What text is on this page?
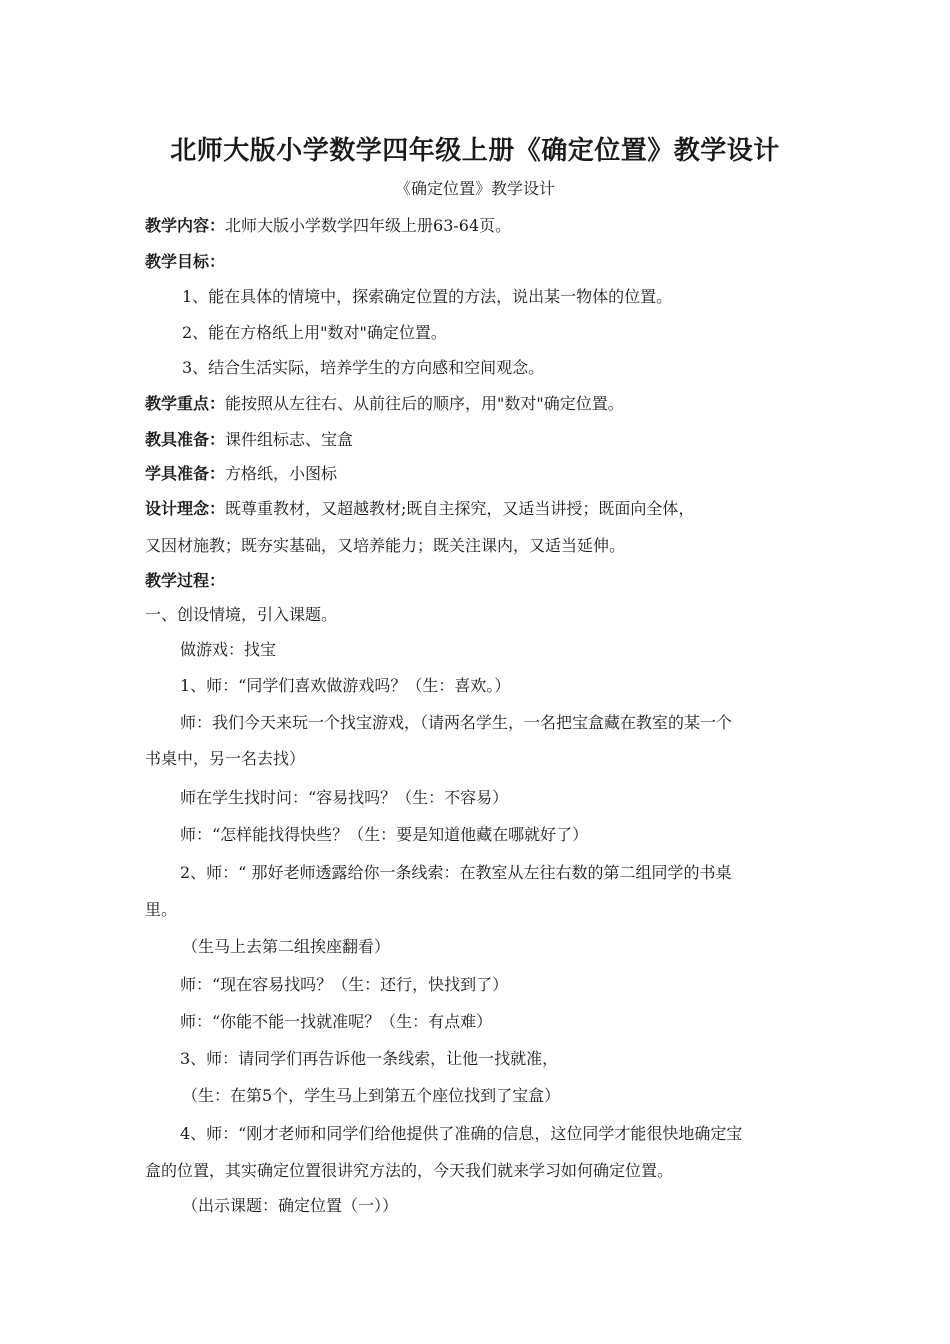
北师大版小学数学四年级上册《确定位置》教学设计
《确定位置》教学设计
教学内容：北师大版小学数学四年级上册63-64页。
教学目标：
1、能在具体的情境中，探索确定位置的方法，说出某一物体的位置。
2、能在方格纸上用"数对"确定位置。
3、结合生活实际，培养学生的方向感和空间观念。
教学重点：能按照从左往右、从前往后的顺序，用"数对"确定位置。
教具准备：课件组标志、宝盒
学具准备：方格纸，小图标
设计理念：既尊重教材，又超越教材;既自主探究，又适当讲授；既面向全体，
又因材施教；既夯实基础，又培养能力；既关注课内，又适当延伸。
教学过程：
一、创设情境，引入课题。
做游戏：找宝
1、师：“同学们喜欢做游戏吗？（生：喜欢。）
师：我们今天来玩一个找宝游戏，（请两名学生，一名把宝盒藏在教室的某一个
书桌中，另一名去找）
师在学生找时问：“容易找吗？（生：不容易）
师：“怎样能找得快些？（生：要是知道他藏在哪就好了）
2、师：“ 那好老师透露给你一条线索：在教室从左往右数的第二组同学的书桌
里。
（生马上去第二组挨座翻看）
师：“现在容易找吗？（生：还行，快找到了）
师：“你能不能一找就准呢？（生：有点难）
3、师：请同学们再告诉他一条线索，让他一找就准，
（生：在第5个，学生马上到第五个座位找到了宝盒）
4、师：“刚才老师和同学们给他提供了准确的信息，这位同学才能很快地确定宝
盒的位置，其实确定位置很讲究方法的，今天我们就来学习如何确定位置。
（出示课题：确定位置（一））
